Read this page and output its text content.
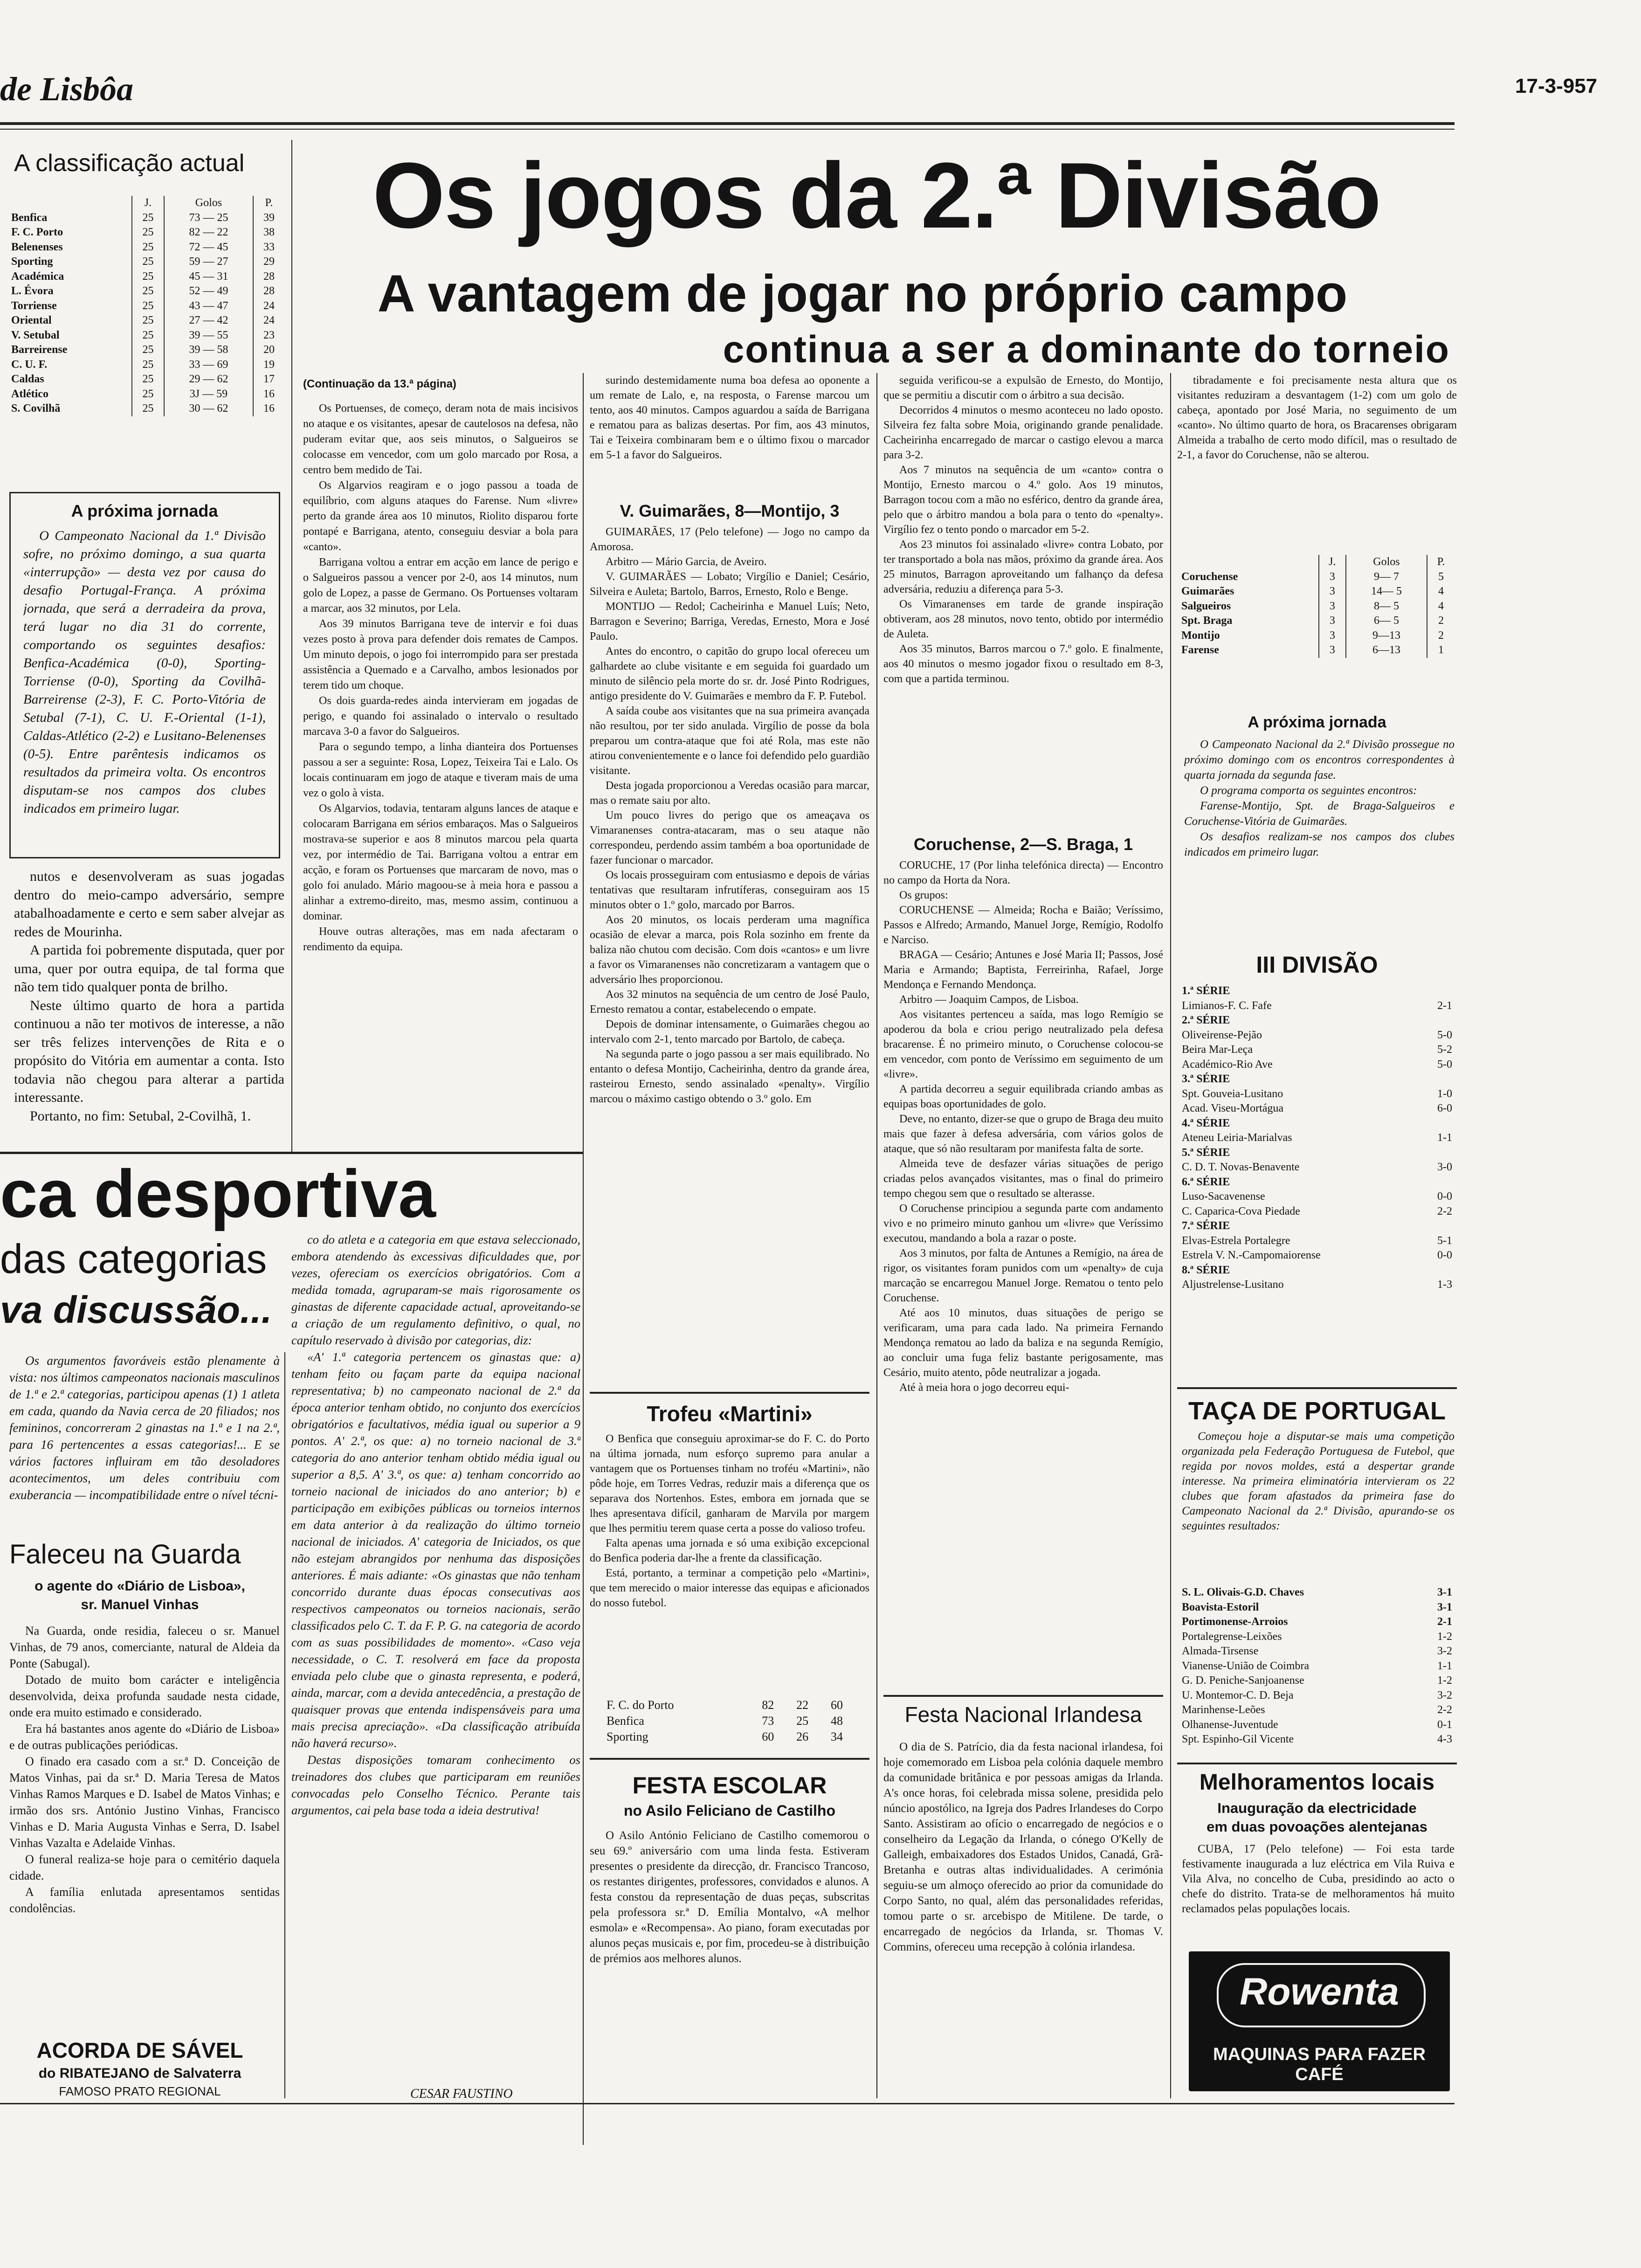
de Lisbôa	17-3-957
A classificação actual
	J.	Golos	P.
Benfica	25	73 — 25	39
F. C. Porto	25	82 — 22	38
Belenenses	25	72 — 45	33
Sporting	25	59 — 27	29
Académica	25	45 — 31	28
L. Évora	25	52 — 49	28
Torriense	25	43 — 47	24
Oriental	25	27 — 42	24
V. Setubal	25	39 — 55	23
Barreirense	25	39 — 58	20
C. U. F.	25	33 — 69	19
Caldas	25	29 — 62	17
Atlético	25	3J — 59	16
S. Covilhã	25	30 — 62	16
A próxima jornada

O Campeonato Nacional da 1.ª Divisão sofre, no próximo domingo, a sua quarta «interrupção» — desta vez por causa do desafio Portugal-França. A próxima jornada, que será a derradeira da prova, terá lugar no dia 31 do corrente, comportando os seguintes desafios: Benfica-Académica (0-0), Sporting-Torriense (0-0), Sporting da Covilhã-Barreirense (2-3), F. C. Porto-Vitória de Setubal (7-1), C. U. F.-Oriental (1-1), Caldas-Atlético (2-2) e Lusitano-Belenenses (0-5). Entre parêntesis indicamos os resultados da primeira volta. Os encontros disputam-se nos campos dos clubes indicados em primeiro lugar.

nutos e desenvolveram as suas jogadas dentro do meio-campo adversário, sempre atabalhoadamente e certo e sem saber alvejar as redes de Mourinha.

A partida foi pobremente disputada, quer por uma, quer por outra equipa, de tal forma que não tem tido qualquer ponta de brilho.

Neste último quarto de hora a partida continuou a não ter motivos de interesse, a não ser três felizes intervenções de Rita e o propósito do Vitória em aumentar a conta. Isto todavia não chegou para alterar a partida interessante.

Portanto, no fim: Setubal, 2-Covilhã, 1.

Os jogos da 2.ª Divisão
A vantagem de jogar no próprio campo
continua a ser a dominante do torneio
(Continuação da 13.ª página)

Os Portuenses, de começo, deram nota de mais incisivos no ataque e os visitantes, apesar de cautelosos na defesa, não puderam evitar que, aos seis minutos, o Salgueiros se colocasse em vencedor, com um golo marcado por Rosa, a centro bem medido de Tai.

Os Algarvios reagiram e o jogo passou a toada de equilíbrio, com alguns ataques do Farense. Num «livre» perto da grande área aos 10 minutos, Riolito disparou forte pontapé e Barrigana, atento, conseguiu desviar a bola para «canto».

Barrigana voltou a entrar em acção em lance de perigo e o Salgueiros passou a vencer por 2-0, aos 14 minutos, num golo de Lopez, a passe de Germano. Os Portuenses voltaram a marcar, aos 32 minutos, por Lela.

Aos 39 minutos Barrigana teve de intervir e foi duas vezes posto à prova para defender dois remates de Campos. Um minuto depois, o jogo foi interrompido para ser prestada assistência a Quemado e a Carvalho, ambos lesionados por terem tido um choque.

Os dois guarda-redes ainda intervieram em jogadas de perigo, e quando foi assinalado o intervalo o resultado marcava 3-0 a favor do Salgueiros.

Para o segundo tempo, a linha dianteira dos Portuenses passou a ser a seguinte: Rosa, Lopez, Teixeira Tai e Lalo. Os locais continuaram em jogo de ataque e tiveram mais de uma vez o golo à vista.

Os Algarvios, todavia, tentaram alguns lances de ataque e colocaram Barrigana em sérios embaraços. Mas o Salgueiros mostrava-se superior e aos 8 minutos marcou pela quarta vez, por intermédio de Tai. Barrigana voltou a entrar em acção, e foram os Portuenses que marcaram de novo, mas o golo foi anulado. Mário magoou-se à meia hora e passou a alinhar a extremo-direito, mas, mesmo assim, continuou a dominar.

Houve outras alterações, mas em nada afectaram o rendimento da equipa.

ca desportiva
das categorias
va discussão...

Os argumentos favoráveis estão plenamente à vista: nos últimos campeonatos nacionais masculinos de 1.ª e 2.ª categorias, participou apenas (1) 1 atleta em cada, quando da Navia cerca de 20 filiados; nos femininos, concorreram 2 ginastas na 1.ª e 1 na 2.ª, para 16 pertencentes a essas categorias!... E se vários factores influiram em tão desoladores acontecimentos, um deles contribuiu com exuberancia — incompatibilidade entre o nível técni-

Faleceu na Guarda
o agente do «Diário de Lisboa»,
sr. Manuel Vinhas

Na Guarda, onde residia, faleceu o sr. Manuel Vinhas, de 79 anos, comerciante, natural de Aldeia da Ponte (Sabugal).

Dotado de muito bom carácter e inteligência desenvolvida, deixa profunda saudade nesta cidade, onde era muito estimado e considerado.

Era há bastantes anos agente do «Diário de Lisboa» e de outras publicações periódicas.

O finado era casado com a sr.ª D. Conceição de Matos Vinhas, pai da sr.ª D. Maria Teresa de Matos Vinhas Ramos Marques e D. Isabel de Matos Vinhas; e irmão dos srs. António Justino Vinhas, Francisco Vinhas e D. Maria Augusta Vinhas e Serra, D. Isabel Vinhas Vazalta e Adelaide Vinhas.

O funeral realiza-se hoje para o cemitério daquela cidade.

A família enlutada apresentamos sentidas condolências.

ACORDA DE SÁVEL
do RIBATEJANO de Salvaterra
FAMOSO PRATO REGIONAL

co do atleta e a categoria em que estava seleccionado, embora atendendo às excessivas dificuldades que, por vezes, ofereciam os exercícios obrigatórios. Com a medida tomada, agruparam-se mais rigorosamente os ginastas de diferente capacidade actual, aproveitando-se a criação de um regulamento definitivo, o qual, no capítulo reservado à divisão por categorias, diz:

«A' 1.ª categoria pertencem os ginastas que: a) tenham feito ou façam parte da equipa nacional representativa; b) no campeonato nacional de 2.ª da época anterior tenham obtido, no conjunto dos exercícios obrigatórios e facultativos, média igual ou superior a 9 pontos. A' 2.ª, os que: a) no torneio nacional de 3.ª categoria do ano anterior tenham obtido média igual ou superior a 8,5. A' 3.ª, os que: a) tenham concorrido ao torneio nacional de iniciados do ano anterior; b) e participação em exibições públicas ou torneios internos em data anterior à da realização do último torneio nacional de iniciados. A' categoria de Iniciados, os que não estejam abrangidos por nenhuma das disposições anteriores. É mais adiante: «Os ginastas que não tenham concorrido durante duas épocas consecutivas aos respectivos campeonatos ou torneios nacionais, serão classificados pelo C. T. da F. P. G. na categoria de acordo com as suas possibilidades de momento». «Caso veja necessidade, o C. T. resolverá em face da proposta enviada pelo clube que o ginasta representa, e poderá, ainda, marcar, com a devida antecedência, a prestação de quaisquer provas que entenda indispensáveis para uma mais precisa apreciação». «Da classificação atribuída não haverá recurso».

Destas disposições tomaram conhecimento os treinadores dos clubes que participaram em reuniões convocadas pelo Conselho Técnico. Perante tais argumentos, cai pela base toda a ideia destrutiva!

CESAR FAUSTINO

surindo destemidamente numa boa defesa ao oponente a um remate de Lalo, e, na resposta, o Farense marcou um tento, aos 40 minutos. Campos aguardou a saída de Barrigana e rematou para as balizas desertas. Por fim, aos 43 minutos, Tai e Teixeira combinaram bem e o último fixou o marcador em 5-1 a favor do Salgueiros.

V. Guimarães, 8—Montijo, 3

GUIMARÃES, 17 (Pelo telefone) — Jogo no campo da Amorosa.

Arbitro — Mário Garcia, de Aveiro.

V. GUIMARÃES — Lobato; Virgílio e Daniel; Cesário, Silveira e Auleta; Bartolo, Barros, Ernesto, Rolo e Benge.

MONTIJO — Redol; Cacheirinha e Manuel Luís; Neto, Barragon e Severino; Barriga, Veredas, Ernesto, Mora e José Paulo.

Antes do encontro, o capitão do grupo local ofereceu um galhardete ao clube visitante e em seguida foi guardado um minuto de silêncio pela morte do sr. dr. José Pinto Rodrigues, antigo presidente do V. Guimarães e membro da F. P. Futebol.

A saída coube aos visitantes que na sua primeira avançada não resultou, por ter sido anulada. Virgílio de posse da bola preparou um contra-ataque que foi até Rola, mas este não atirou convenientemente e o lance foi defendido pelo guardião visitante.

Desta jogada proporcionou a Veredas ocasião para marcar, mas o remate saiu por alto.

Um pouco livres do perigo que os ameaçava os Vimaranenses contra-atacaram, mas o seu ataque não correspondeu, perdendo assim também a boa oportunidade de fazer funcionar o marcador.

Os locais prosseguiram com entusiasmo e depois de várias tentativas que resultaram infrutíferas, conseguiram aos 15 minutos obter o 1.º golo, marcado por Barros.

Aos 20 minutos, os locais perderam uma magnífica ocasião de elevar a marca, pois Rola sozinho em frente da baliza não chutou com decisão. Com dois «cantos» e um livre a favor os Vimaranenses não concretizaram a vantagem que o adversário lhes proporcionou.

Aos 32 minutos na sequência de um centro de José Paulo, Ernesto rematou a contar, estabelecendo o empate.

Depois de dominar intensamente, o Guimarães chegou ao intervalo com 2-1, tento marcado por Bartolo, de cabeça.

Na segunda parte o jogo passou a ser mais equilibrado. No entanto o defesa Montijo, Cacheirinha, dentro da grande área, rasteirou Ernesto, sendo assinalado «penalty». Virgílio marcou o máximo castigo obtendo o 3.º golo. Em

Trofeu «Martini»

O Benfica que conseguiu aproximar-se do F. C. do Porto na última jornada, num esforço supremo para anular a vantagem que os Portuenses tinham no troféu «Martini», não pôde hoje, em Torres Vedras, reduzir mais a diferença que os separava dos Nortenhos. Estes, embora em jornada que se lhes apresentava difícil, ganharam de Marvila por margem que lhes permitiu terem quase certa a posse do valioso trofeu.

Falta apenas uma jornada e só uma exibição excepcional do Benfica poderia dar-lhe a frente da classificação.

Está, portanto, a terminar a competição pelo «Martini», que tem merecido o maior interesse das equipas e aficionados do nosso futebol.

F. C. do Porto	82	22	60
Benfica	73	25	48
Sporting	60	26	34
FESTA ESCOLAR
no Asilo Feliciano de Castilho

O Asilo António Feliciano de Castilho comemorou o seu 69.º aniversário com uma linda festa. Estiveram presentes o presidente da direcção, dr. Francisco Trancoso, os restantes dirigentes, professores, convidados e alunos. A festa constou da representação de duas peças, subscritas pela professora sr.ª D. Emília Montalvo, «A melhor esmola» e «Recompensa». Ao piano, foram executadas por alunos peças musicais e, por fim, procedeu-se à distribuição de prémios aos melhores alunos.

seguida verificou-se a expulsão de Ernesto, do Montijo, que se permitiu a discutir com o árbitro a sua decisão.

Decorridos 4 minutos o mesmo aconteceu no lado oposto. Silveira fez falta sobre Moia, originando grande penalidade. Cacheirinha encarregado de marcar o castigo elevou a marca para 3-2.

Aos 7 minutos na sequência de um «canto» contra o Montijo, Ernesto marcou o 4.º golo. Aos 19 minutos, Barragon tocou com a mão no esférico, dentro da grande área, pelo que o árbitro mandou a bola para o tento do «penalty». Virgílio fez o tento pondo o marcador em 5-2.

Aos 23 minutos foi assinalado «livre» contra Lobato, por ter transportado a bola nas mãos, próximo da grande área. Aos 25 minutos, Barragon aproveitando um falhanço da defesa adversária, reduziu a diferença para 5-3.

Os Vimaranenses em tarde de grande inspiração obtiveram, aos 28 minutos, novo tento, obtido por intermédio de Auleta.

Aos 35 minutos, Barros marcou o 7.º golo. E finalmente, aos 40 minutos o mesmo jogador fixou o resultado em 8-3, com que a partida terminou.

Coruchense, 2—S. Braga, 1

CORUCHE, 17 (Por linha telefónica directa) — Encontro no campo da Horta da Nora.

Os grupos:

CORUCHENSE — Almeida; Rocha e Baião; Veríssimo, Passos e Alfredo; Armando, Manuel Jorge, Remígio, Rodolfo e Narciso.

BRAGA — Cesário; Antunes e José Maria II; Passos, José Maria e Armando; Baptista, Ferreirinha, Rafael, Jorge Mendonça e Fernando Mendonça.

Arbitro — Joaquim Campos, de Lisboa.

Aos visitantes pertenceu a saída, mas logo Remígio se apoderou da bola e criou perigo neutralizado pela defesa bracarense. É no primeiro minuto, o Coruchense colocou-se em vencedor, com ponto de Veríssimo em seguimento de um «livre».

A partida decorreu a seguir equilibrada criando ambas as equipas boas oportunidades de golo.

Deve, no entanto, dizer-se que o grupo de Braga deu muito mais que fazer à defesa adversária, com vários golos de ataque, que só não resultaram por manifesta falta de sorte.

Almeida teve de desfazer várias situações de perigo criadas pelos avançados visitantes, mas o final do primeiro tempo chegou sem que o resultado se alterasse.

O Coruchense principiou a segunda parte com andamento vivo e no primeiro minuto ganhou um «livre» que Veríssimo executou, mandando a bola a razar o poste.

Aos 3 minutos, por falta de Antunes a Remígio, na área de rigor, os visitantes foram punidos com um «penalty» de cuja marcação se encarregou Manuel Jorge. Rematou o tento pelo Coruchense.

Até aos 10 minutos, duas situações de perigo se verificaram, uma para cada lado. Na primeira Fernando Mendonça rematou ao lado da baliza e na segunda Remígio, ao concluir uma fuga feliz bastante perigosamente, mas Cesário, muito atento, pôde neutralizar a jogada.

Até à meia hora o jogo decorreu equi-

Festa Nacional Irlandesa

O dia de S. Patrício, dia da festa nacional irlandesa, foi hoje comemorado em Lisboa pela colónia daquele membro da comunidade britânica e por pessoas amigas da Irlanda. A's once horas, foi celebrada missa solene, presidida pelo núncio apostólico, na Igreja dos Padres Irlandeses do Corpo Santo. Assistiram ao ofício o encarregado de negócios e o conselheiro da Legação da Irlanda, o cónego O'Kelly de Galleigh, embaixadores dos Estados Unidos, Canadá, Grã-Bretanha e outras altas individualidades. A cerimónia seguiu-se um almoço oferecido ao prior da comunidade do Corpo Santo, no qual, além das personalidades referidas, tomou parte o sr. arcebispo de Mitilene. De tarde, o encarregado de negócios da Irlanda, sr. Thomas V. Commins, ofereceu uma recepção à colónia irlandesa.

tibradamente e foi precisamente nesta altura que os visitantes reduziram a desvantagem (1-2) com um golo de cabeça, apontado por José Maria, no seguimento de um «canto». No último quarto de hora, os Bracarenses obrigaram Almeida a trabalho de certo modo difícil, mas o resultado de 2-1, a favor do Coruchense, não se alterou.

	J.	Golos	P.
Coruchense	3	9— 7	5
Guimarães	3	14— 5	4
Salgueiros	3	8— 5	4
Spt. Braga	3	6— 5	2
Montijo	3	9—13	2
Farense	3	6—13	1
A próxima jornada

O Campeonato Nacional da 2.ª Divisão prossegue no próximo domingo com os encontros correspondentes à quarta jornada da segunda fase.

O programa comporta os seguintes encontros:

Farense-Montijo, Spt. de Braga-Salgueiros e Coruchense-Vitória de Guimarães.

Os desafios realizam-se nos campos dos clubes indicados em primeiro lugar.

III DIVISÃO
1.ª SÉRIE
Limianos-F. C. Fafe	2-1
2.ª SÉRIE
Oliveirense-Pejão	5-0
Beira Mar-Leça	5-2
Académico-Rio Ave	5-0
3.ª SÉRIE
Spt. Gouveia-Lusitano	1-0
Acad. Viseu-Mortágua	6-0
4.ª SÉRIE
Ateneu Leiria-Marialvas	1-1
5.ª SÉRIE
C. D. T. Novas-Benavente	3-0
6.ª SÉRIE
Luso-Sacavenense	0-0
C. Caparica-Cova Piedade	2-2
7.ª SÉRIE
Elvas-Estrela Portalegre	5-1
Estrela V. N.-Campomaiorense	0-0
8.ª SÉRIE
Aljustrelense-Lusitano	1-3
TAÇA DE PORTUGAL

Começou hoje a disputar-se mais uma competição organizada pela Federação Portuguesa de Futebol, que regida por novos moldes, está a despertar grande interesse. Na primeira eliminatória intervieram os 22 clubes que foram afastados da primeira fase do Campeonato Nacional da 2.ª Divisão, apurando-se os seguintes resultados:

S. L. Olivais-G.D. Chaves	3-1
Boavista-Estoril	3-1
Portimonense-Arroios	2-1
Portalegrense-Leixões	1-2
Almada-Tirsense	3-2
Vianense-União de Coimbra	1-1
G. D. Peniche-Sanjoanense	1-2
U. Montemor-C. D. Beja	3-2
Marinhense-Leões	2-2
Olhanense-Juventude	0-1
Spt. Espinho-Gil Vicente	4-3
Melhoramentos locais
Inauguração da electricidade
em duas povoações alentejanas

CUBA, 17 (Pelo telefone) — Foi esta tarde festivamente inaugurada a luz eléctrica em Vila Ruiva e Vila Alva, no concelho de Cuba, presidindo ao acto o chefe do distrito. Trata-se de melhoramentos há muito reclamados pelas populações locais.

Rowenta
MAQUINAS PARA FAZER CAFÉ
